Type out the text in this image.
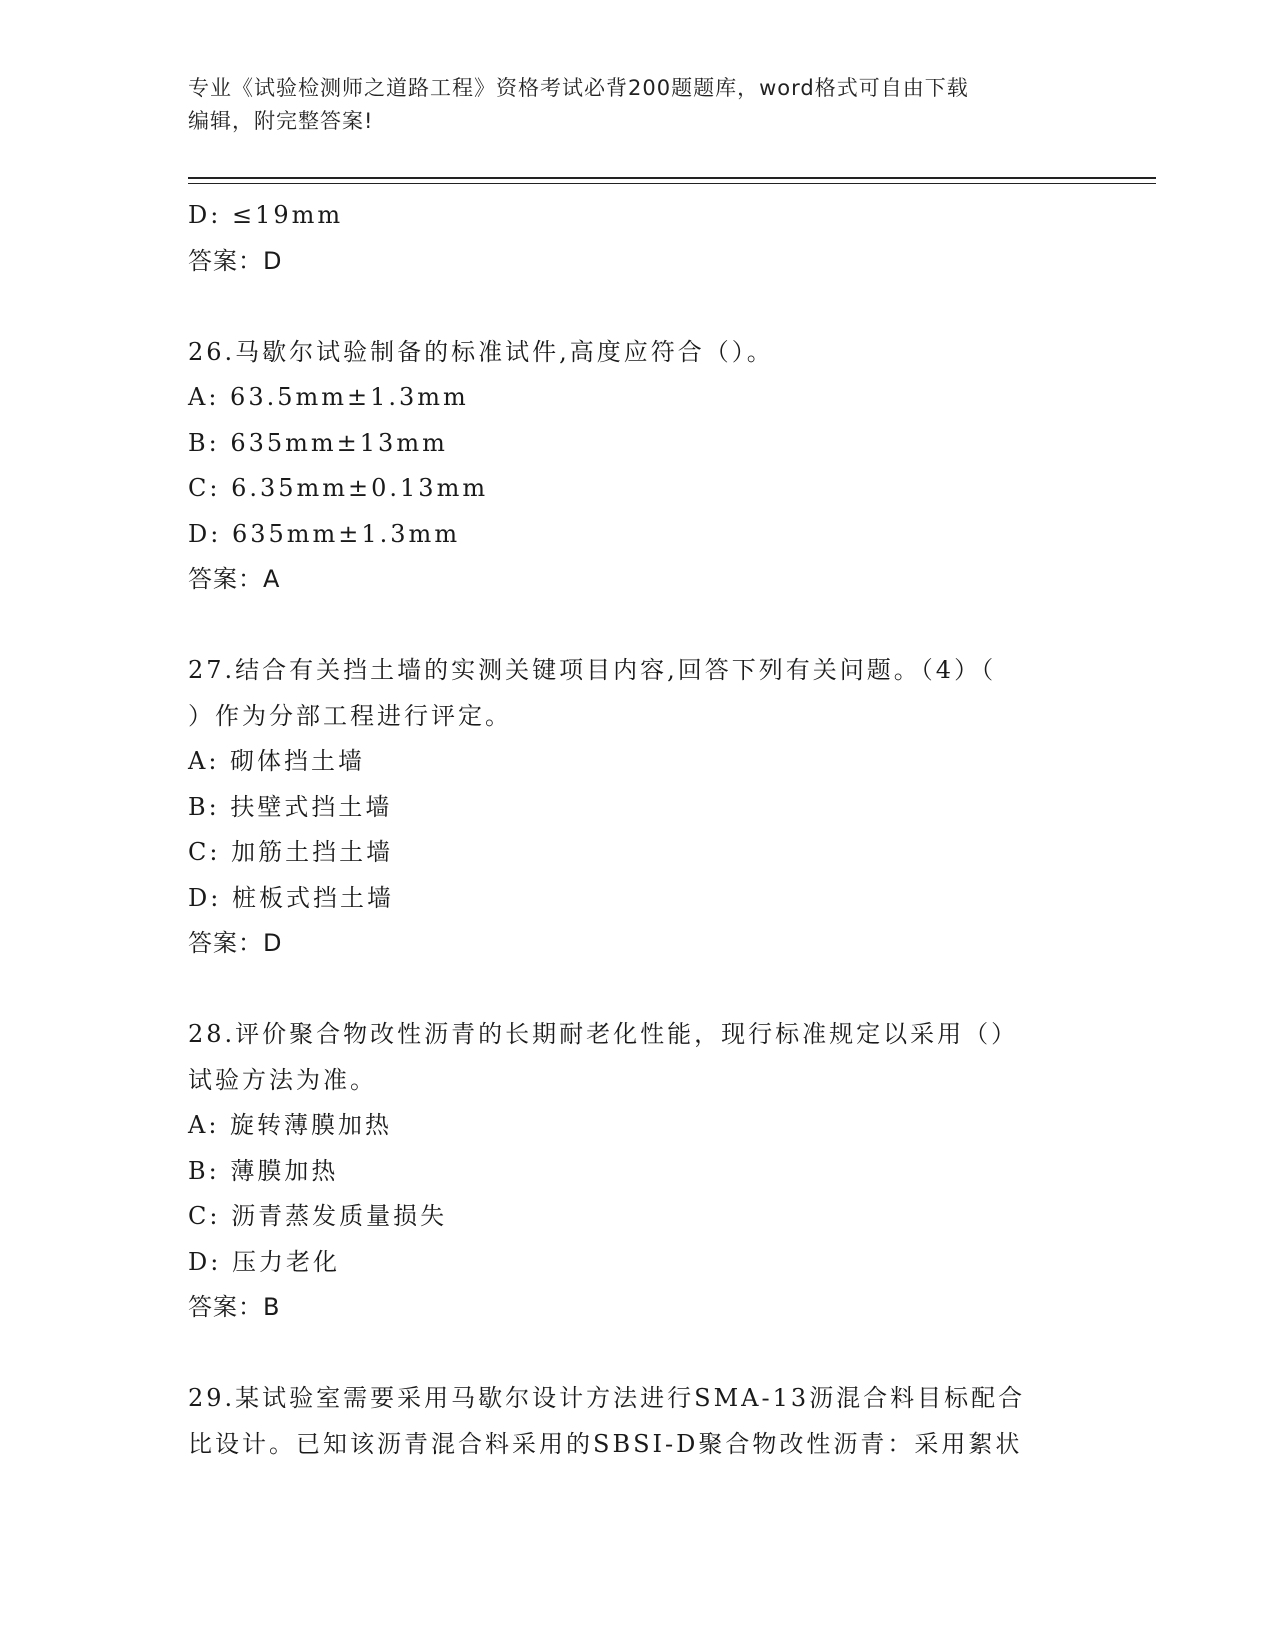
专业《试验检测师之道路工程》资格考试必背200题题库，word格式可自由下载
编辑，附完整答案!
D: ≤19mm
答案：D
26.马歇尔试验制备的标准试件,高度应符合（）。
A: 63.5mm±1.3mm
B: 635mm±13mm
C: 6.35mm±0.13mm
D: 635mm±1.3mm
答案：A
27.结合有关挡土墙的实测关键项目内容,回答下列有关问题。（4）（
）作为分部工程进行评定。
A: 砌体挡土墙
B: 扶壁式挡土墙
C: 加筋土挡土墙
D: 桩板式挡土墙
答案：D
28.评价聚合物改性沥青的长期耐老化性能，现行标准规定以采用（）
试验方法为准。
A: 旋转薄膜加热
B: 薄膜加热
C: 沥青蒸发质量损失
D: 压力老化
答案：B
29.某试验室需要采用马歇尔设计方法进行SMA-13沥混合料目标配合
比设计。已知该沥青混合料采用的SBSI-D聚合物改性沥青：采用絮状
